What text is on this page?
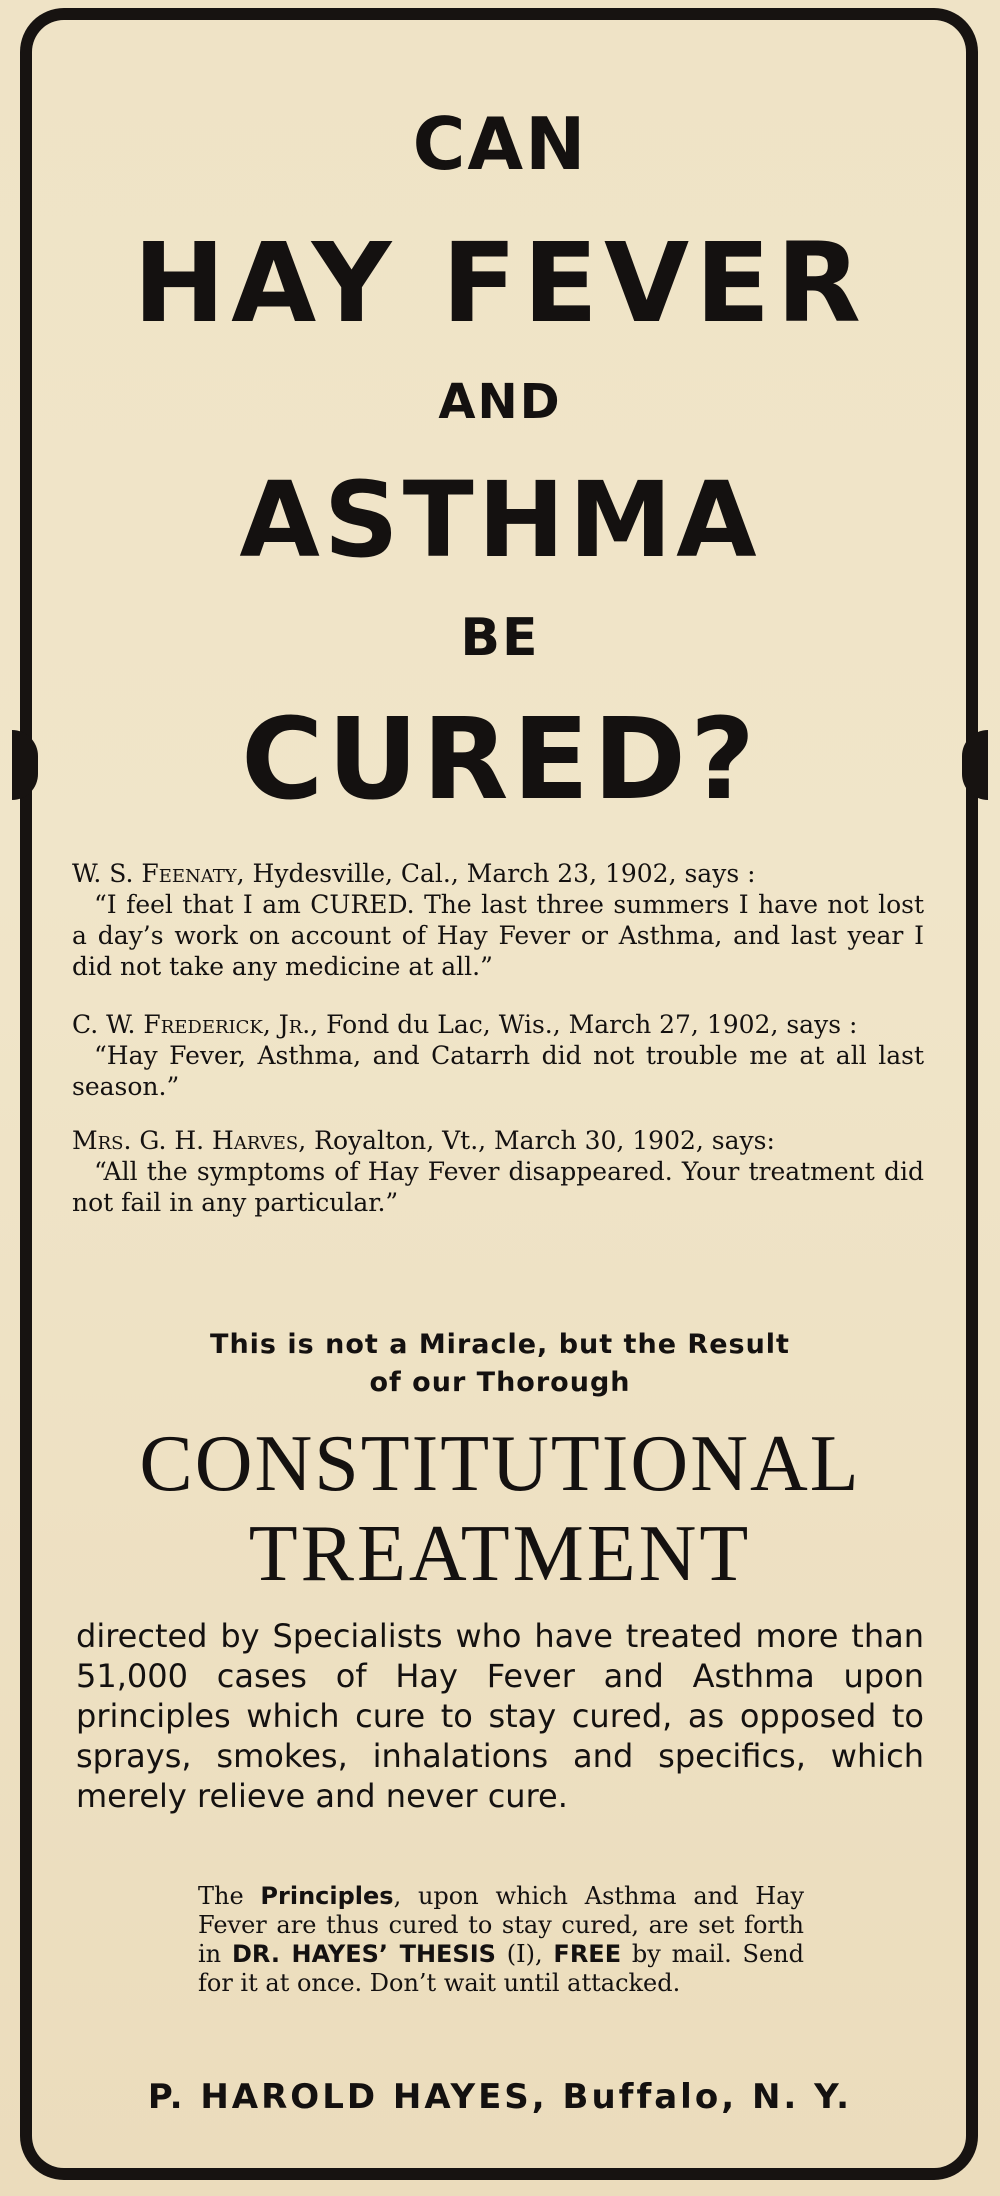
CAN
HAY FEVER
AND
ASTHMA
BE
CURED?

W. S. Feenaty, Hydesville, Cal., March 23, 1902, says :

“I feel that I am CURED. The last three summers I have not lost a day’s work on account of Hay Fever or Asthma, and last year I did not take any medicine at all.”

C. W. Frederick, Jr., Fond du Lac, Wis., March 27, 1902, says :

“Hay Fever, Asthma, and Catarrh did not trouble me at all last season.”

Mrs. G. H. Harves, Royalton, Vt., March 30, 1902, says:

“All the symptoms of Hay Fever disappeared. Your treatment did not fail in any particular.”

This is not a Miracle, but the Result
of our Thorough
CONSTITUTIONAL
TREATMENT
directed by Specialists who have treated more than 51,000 cases of Hay Fever and Asthma upon principles which cure to stay cured, as opposed to sprays, smokes, inhalations and specifics, which merely relieve and never cure.
The Principles, upon which Asthma and Hay Fever are thus cured to stay cured, are set forth in DR. HAYES’ THESIS (I), FREE by mail. Send for it at once. Don’t wait until attacked.
P. HAROLD HAYES, Buffalo, N. Y.
